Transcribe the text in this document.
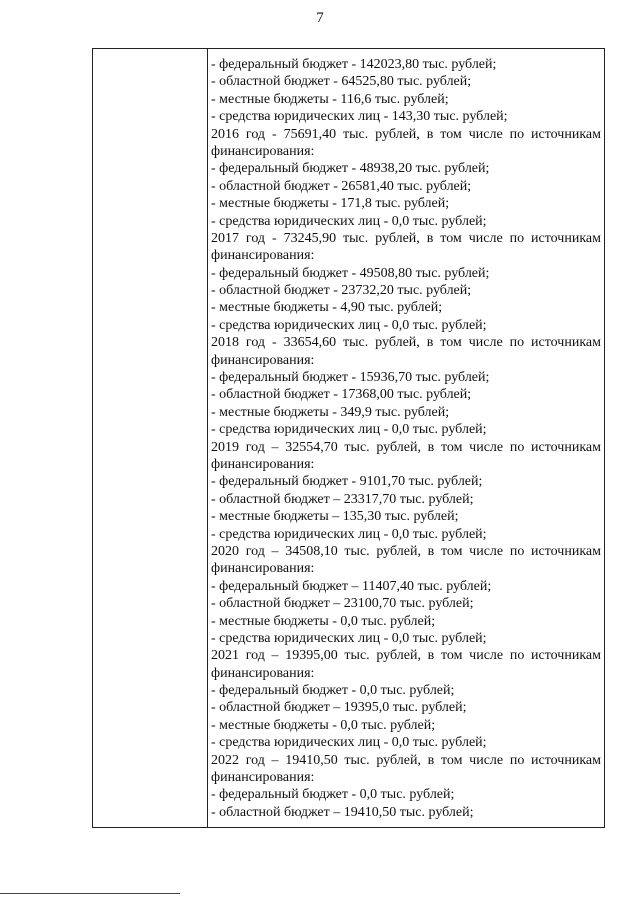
7
- федеральный бюджет - 142023,80 тыс. рублей;
- областной бюджет - 64525,80 тыс. рублей;
- местные бюджеты - 116,6 тыс. рублей;
- средства юридических лиц - 143,30 тыс. рублей;
2016 год - 75691,40 тыс. рублей, в том числе по источникам
финансирования:
- федеральный бюджет - 48938,20 тыс. рублей;
- областной бюджет - 26581,40 тыс. рублей;
- местные бюджеты - 171,8 тыс. рублей;
- средства юридических лиц - 0,0 тыс. рублей;
2017 год - 73245,90 тыс. рублей, в том числе по источникам
финансирования:
- федеральный бюджет - 49508,80 тыс. рублей;
- областной бюджет - 23732,20 тыс. рублей;
- местные бюджеты - 4,90 тыс. рублей;
- средства юридических лиц - 0,0 тыс. рублей;
2018 год - 33654,60 тыс. рублей, в том числе по источникам
финансирования:
- федеральный бюджет - 15936,70 тыс. рублей;
- областной бюджет - 17368,00 тыс. рублей;
- местные бюджеты - 349,9 тыс. рублей;
- средства юридических лиц - 0,0 тыс. рублей;
2019 год – 32554,70 тыс. рублей, в том числе по источникам
финансирования:
- федеральный бюджет - 9101,70 тыс. рублей;
- областной бюджет – 23317,70 тыс. рублей;
- местные бюджеты – 135,30 тыс. рублей;
- средства юридических лиц - 0,0 тыс. рублей;
2020 год – 34508,10 тыс. рублей, в том числе по источникам
финансирования:
- федеральный бюджет – 11407,40 тыс. рублей;
- областной бюджет – 23100,70 тыс. рублей;
- местные бюджеты - 0,0 тыс. рублей;
- средства юридических лиц - 0,0 тыс. рублей;
2021 год – 19395,00 тыс. рублей, в том числе по источникам
финансирования:
- федеральный бюджет - 0,0 тыс. рублей;
- областной бюджет – 19395,0 тыс. рублей;
- местные бюджеты - 0,0 тыс. рублей;
- средства юридических лиц - 0,0 тыс. рублей;
2022 год – 19410,50 тыс. рублей, в том числе по источникам
финансирования:
- федеральный бюджет - 0,0 тыс. рублей;
- областной бюджет – 19410,50 тыс. рублей;
